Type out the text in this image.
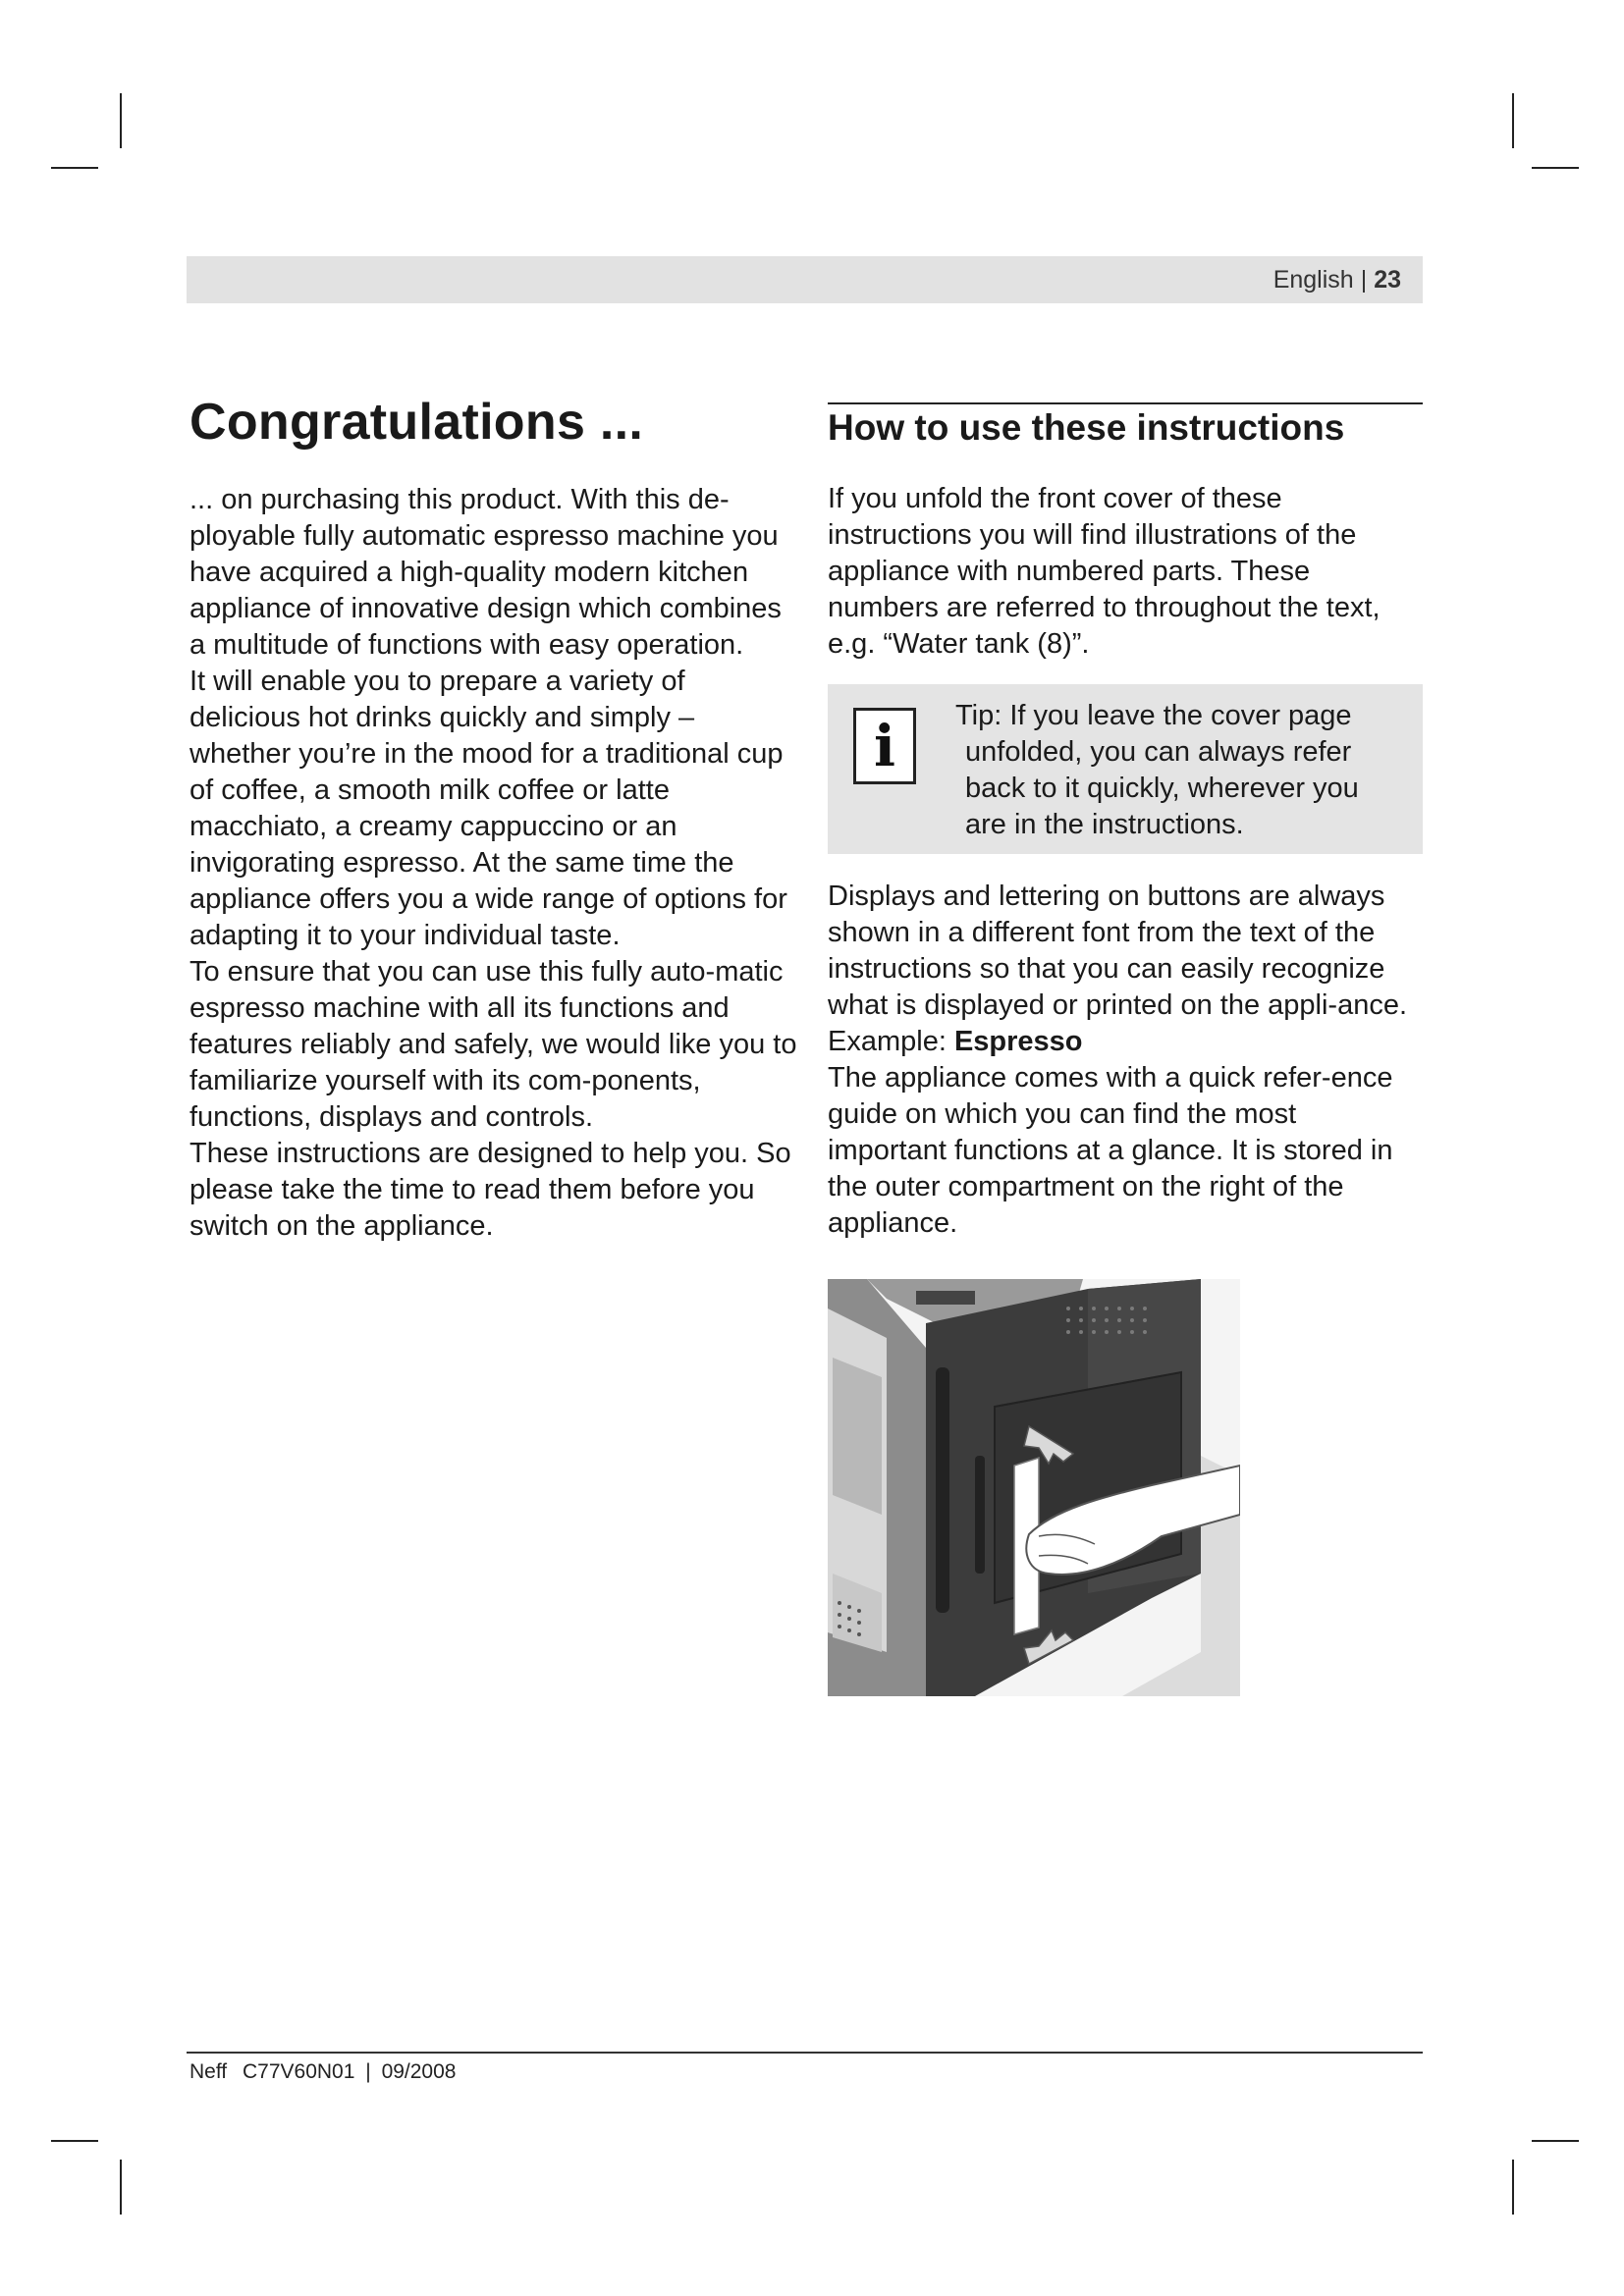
English | 23
Congratulations ...

... on purchasing this product. With this de-ployable fully automatic espresso machine you have acquired a high-quality modern kitchen appliance of innovative design which combines a multitude of functions with easy operation.

It will enable you to prepare a variety of delicious hot drinks quickly and simply – whether you’re in the mood for a traditional cup of coffee, a smooth milk coffee or latte macchiato, a creamy cappuccino or an invigorating espresso. At the same time the appliance offers you a wide range of options for adapting it to your individual taste.

To ensure that you can use this fully auto-matic espresso machine with all its functions and features reliably and safely, we would like you to familiarize yourself with its com-ponents, functions, displays and controls.

These instructions are designed to help you. So please take the time to read them before you switch on the appliance.

How to use these instructions

If you unfold the front cover of these instructions you will find illustrations of the appliance with numbered parts. These numbers are referred to throughout the text, e.g. “Water tank (8)”.

i	Tip: If you leave the cover page
unfolded, you can always refer
back to it quickly, wherever you
are in the instructions.

Displays and lettering on buttons are always shown in a different font from the text of the instructions so that you can easily recognize what is displayed or printed on the appli-ance. Example: Espresso

The appliance comes with a quick refer-ence guide on which you can find the most important functions at a glance. It is stored in the outer compartment on the right of the appliance.

Neff C77V60N01 | 09/2008
